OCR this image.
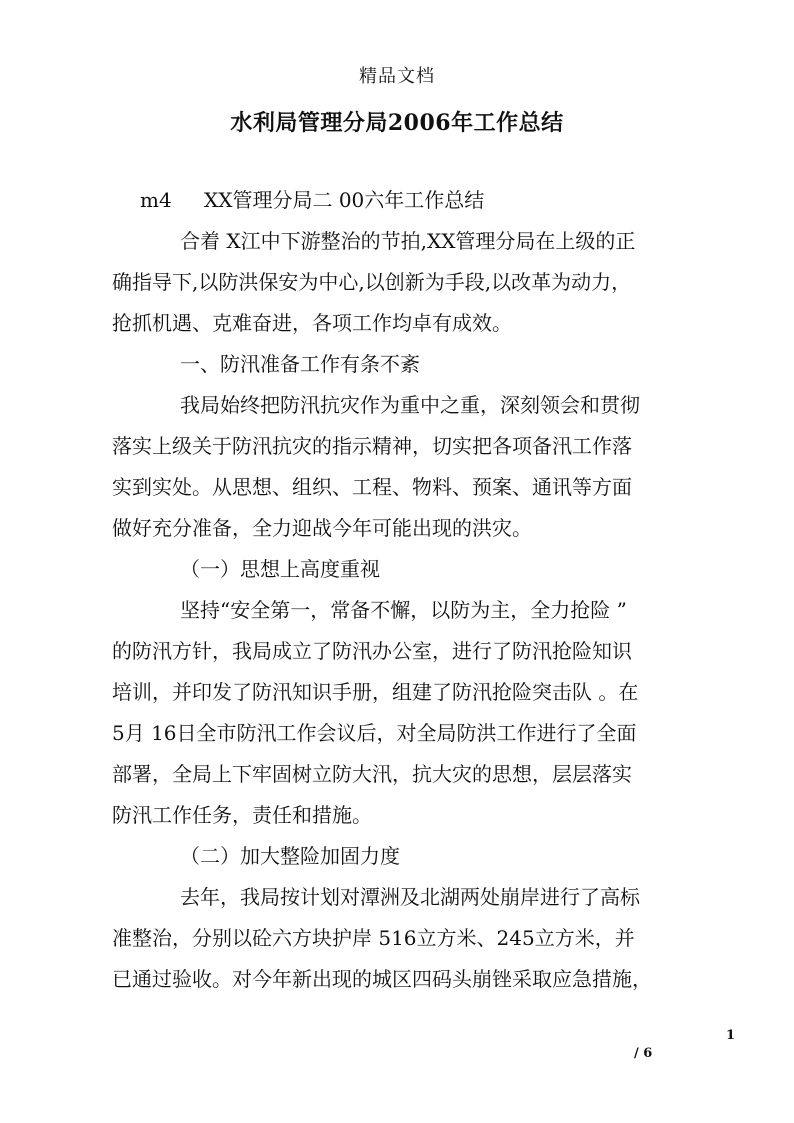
精品文档
水利局管理分局2006年工作总结
m4 XX管理分局二 00六年工作总结
合着 X江中下游整治的节拍,XX管理分局在上级的正
确指导下,以防洪保安为中心,以创新为手段,以改革为动力，
抢抓机遇、克难奋进，各项工作均卓有成效。
一、防汛准备工作有条不紊
我局始终把防汛抗灾作为重中之重，深刻领会和贯彻
落实上级关于防汛抗灾的指示精神，切实把各项备汛工作落
实到实处。从思想、组织、工程、物料、预案、通讯等方面
做好充分准备，全力迎战今年可能出现的洪灾。
（一）思想上高度重视
坚持“安全第一，常备不懈，以防为主，全力抢险 ”
的防汛方针，我局成立了防汛办公室，进行了防汛抢险知识
培训，并印发了防汛知识手册，组建了防汛抢险突击队 。在
5月 16日全市防汛工作会议后，对全局防洪工作进行了全面
部署，全局上下牢固树立防大汛，抗大灾的思想，层层落实
防汛工作任务，责任和措施。
（二）加大整险加固力度
去年，我局按计划对潭洲及北湖两处崩岸进行了高标
准整治，分别以砼六方块护岸 516立方米、245立方米，并
已通过验收。对今年新出现的城区四码头崩锉采取应急措施，
1
/ 6
